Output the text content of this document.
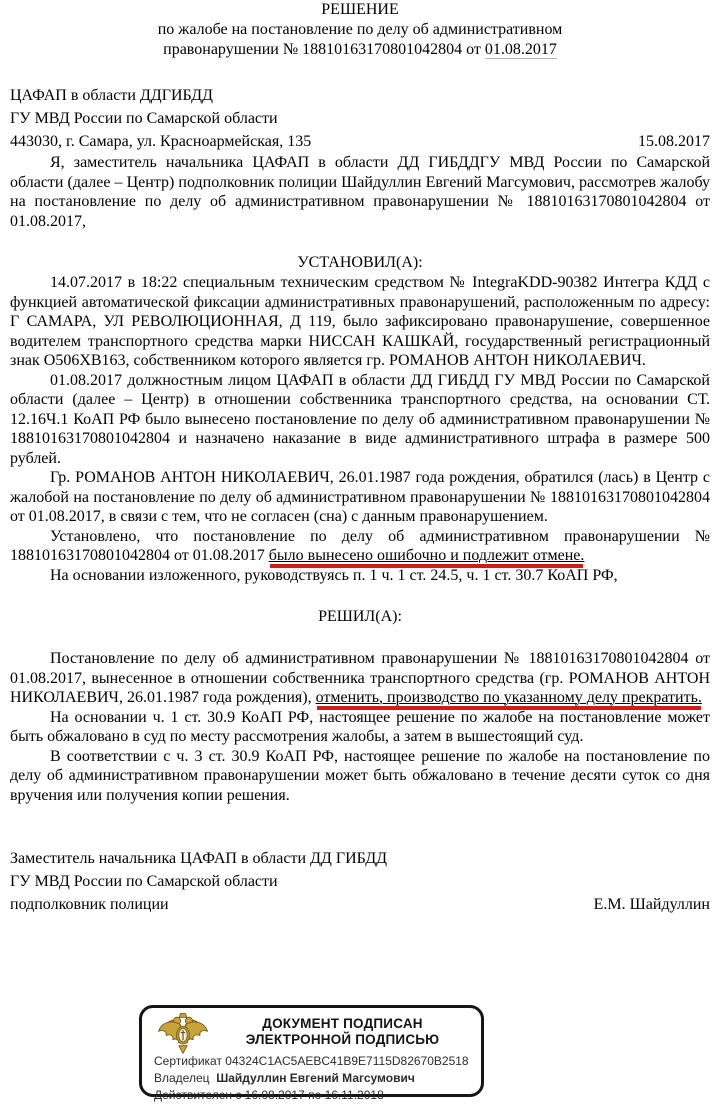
РЕШЕНИЕ
по жалобе на постановление по делу об административном
правонарушении № 18810163170801042804 от 01.08.2017
ЦАФАП в области ДДГИБДД
ГУ МВД России по Самарской области
443030, г. Самара, ул. Красноармейская, 135	15.08.2017

Я, заместитель начальника ЦАФАП в области ДД ГИБДДГУ МВД России по Самарской области (далее – Центр) подполковник полиции Шайдуллин Евгений Магсумович, рассмотрев жалобу на постановление по делу об административном правонарушении № 18810163170801042804 от 01.08.2017,

УСТАНОВИЛ(А):

14.07.2017 в 18:22 специальным техническим средством № IntegraKDD-90382 Интегра КДД с функцией автоматической фиксации административных правонарушений, расположенным по адресу: Г САМАРА, УЛ РЕВОЛЮЦИОННАЯ, Д 119, было зафиксировано правонарушение, совершенное водителем транспортного средства марки НИССАН КАШКАЙ, государственный регистрационный знак О506ХВ163, собственником которого является гр. РОМАНОВ АНТОН НИКОЛАЕВИЧ.

01.08.2017 должностным лицом ЦАФАП в области ДД ГИБДД ГУ МВД России по Самарской области (далее – Центр) в отношении собственника транспортного средства, на основании СТ. 12.16Ч.1 КоАП РФ было вынесено постановление по делу об административном правонарушении № 18810163170801042804 и назначено наказание в виде административного штрафа в размере 500 рублей.

Гр. РОМАНОВ АНТОН НИКОЛАЕВИЧ, 26.01.1987 года рождения, обратился (лась) в Центр с жалобой на постановление по делу об административном правонарушении № 18810163170801042804 от 01.08.2017, в связи с тем, что не согласен (сна) с данным правонарушением.

Установлено, что постановление по делу об административном правонарушении № 18810163170801042804 от 01.08.2017 было вынесено ошибочно и подлежит отмене.

На основании изложенного, руководствуясь п. 1 ч. 1 ст. 24.5, ч. 1 ст. 30.7 КоАП РФ,

РЕШИЛ(А):

Постановление по делу об административном правонарушении № 18810163170801042804 от 01.08.2017, вынесенное в отношении собственника транспортного средства (гр. РОМАНОВ АНТОН НИКОЛАЕВИЧ, 26.01.1987 года рождения), отменить, производство по указанному делу прекратить.

На основании ч. 1 ст. 30.9 КоАП РФ, настоящее решение по жалобе на постановление может быть обжаловано в суд по месту рассмотрения жалобы, а затем в вышестоящий суд.

В соответствии с ч. 3 ст. 30.9 КоАП РФ, настоящее решение по жалобе на постановление по делу об административном правонарушении может быть обжаловано в течение десяти суток со дня вручения или получения копии решения.

Заместитель начальника ЦАФАП в области ДД ГИБДД
ГУ МВД России по Самарской области
подполковник полиции	Е.М. Шайдуллин
ДОКУМЕНТ ПОДПИСАН
ЭЛЕКТРОННОЙ ПОДПИСЬЮ
Сертификат 04324C1AC5AEBC41B9E7115D82670B2518
Владелец Шайдуллин Евгений Магсумович
Действителен с 16.08.2017 по 16.11.2018
